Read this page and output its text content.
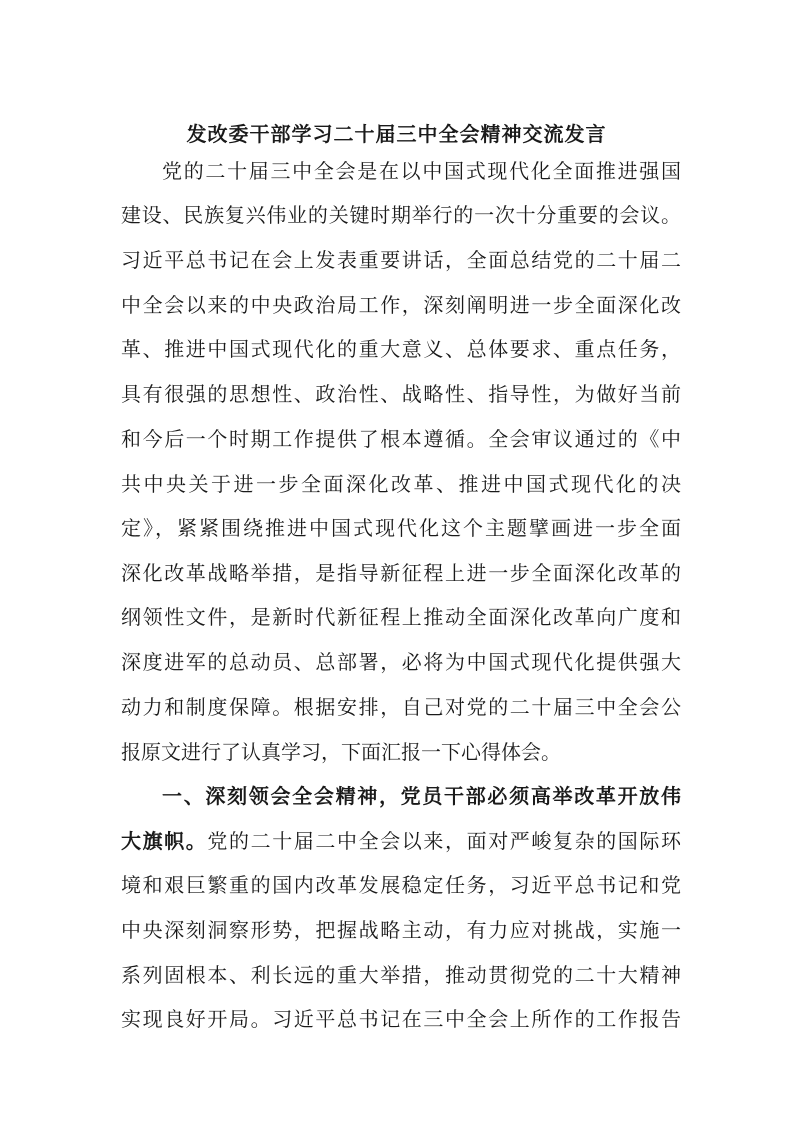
发改委干部学习二十届三中全会精神交流发言

党的二十届三中全会是在以中国式现代化全面推进强国

建设、民族复兴伟业的关键时期举行的一次十分重要的会议。

习近平总书记在会上发表重要讲话，全面总结党的二十届二

中全会以来的中央政治局工作，深刻阐明进一步全面深化改

革、推进中国式现代化的重大意义、总体要求、重点任务，

具有很强的思想性、政治性、战略性、指导性，为做好当前

和今后一个时期工作提供了根本遵循。全会审议通过的《中

共中央关于进一步全面深化改革、推进中国式现代化的决

定》，紧紧围绕推进中国式现代化这个主题擘画进一步全面

深化改革战略举措，是指导新征程上进一步全面深化改革的

纲领性文件，是新时代新征程上推动全面深化改革向广度和

深度进军的总动员、总部署，必将为中国式现代化提供强大

动力和制度保障。根据安排，自己对党的二十届三中全会公

报原文进行了认真学习，下面汇报一下心得体会。

一、深刻领会全会精神，党员干部必须高举改革开放伟

大旗帜。党的二十届二中全会以来，面对严峻复杂的国际环

境和艰巨繁重的国内改革发展稳定任务，习近平总书记和党

中央深刻洞察形势，把握战略主动，有力应对挑战，实施一

系列固根本、利长远的重大举措，推动贯彻党的二十大精神

实现良好开局。习近平总书记在三中全会上所作的工作报告
